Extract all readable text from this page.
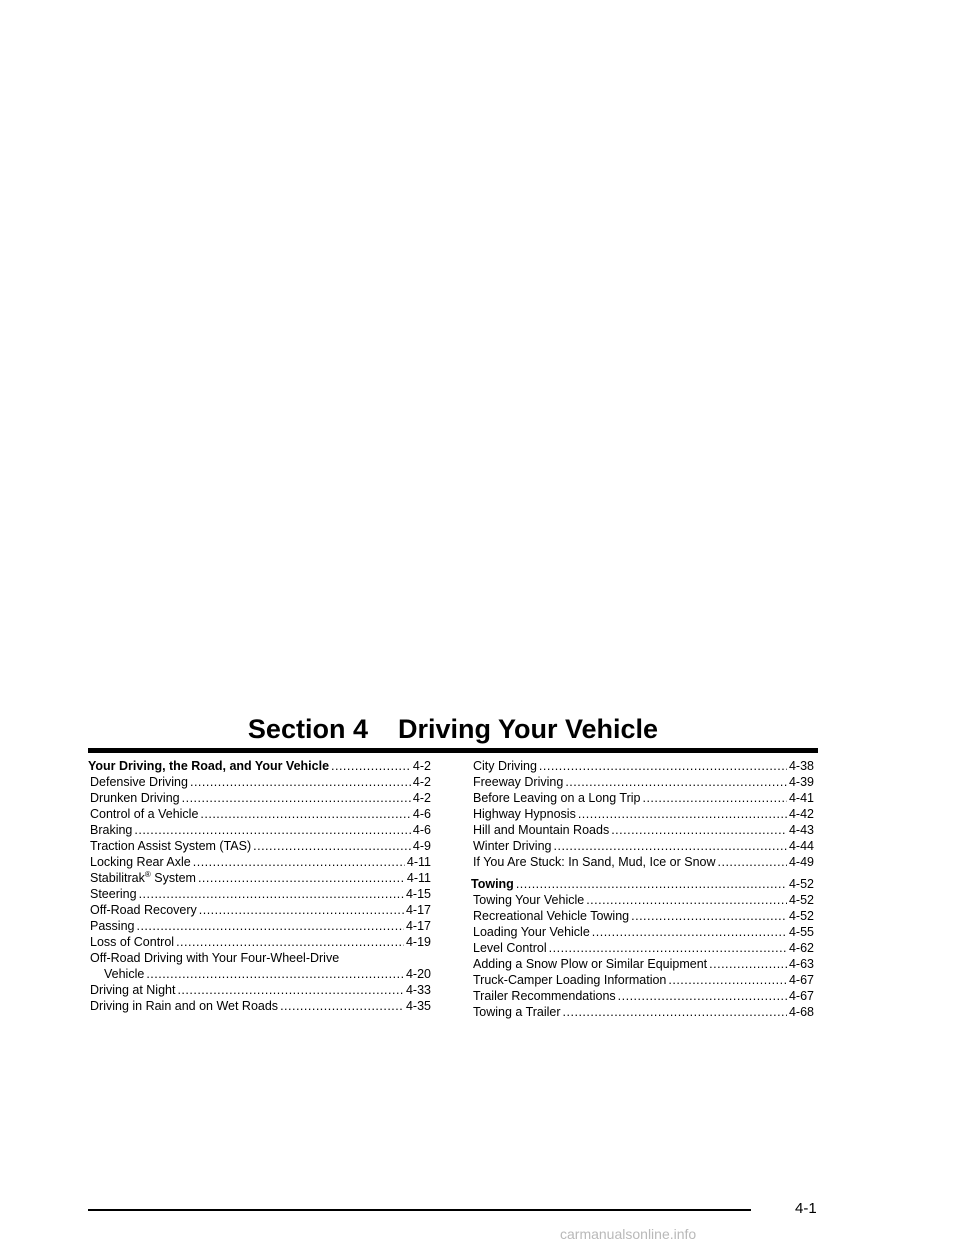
Section 4    Driving Your Vehicle
Your Driving, the Road, and Your Vehicle .....	4-2
Defensive Driving .....	4-2
Drunken Driving .....	4-2
Control of a Vehicle .....	4-6
Braking .....	4-6
Traction Assist System (TAS) .....	4-9
Locking Rear Axle .....	4-11
Stabilitrak® System .....	4-11
Steering .....	4-15
Off-Road Recovery .....	4-17
Passing .....	4-17
Loss of Control .....	4-19
Off-Road Driving with Your Four-Wheel-Drive
Vehicle .....	4-20
Driving at Night .....	4-33
Driving in Rain and on Wet Roads .....	4-35
City Driving .....	4-38
Freeway Driving .....	4-39
Before Leaving on a Long Trip .....	4-41
Highway Hypnosis .....	4-42
Hill and Mountain Roads .....	4-43
Winter Driving .....	4-44
If You Are Stuck: In Sand, Mud, Ice or Snow .....	4-49
Towing .....	4-52
Towing Your Vehicle .....	4-52
Recreational Vehicle Towing .....	4-52
Loading Your Vehicle .....	4-55
Level Control .....	4-62
Adding a Snow Plow or Similar Equipment .....	4-63
Truck-Camper Loading Information .....	4-67
Trailer Recommendations .....	4-67
Towing a Trailer .....	4-68
4-1
carmanualsonline.info
